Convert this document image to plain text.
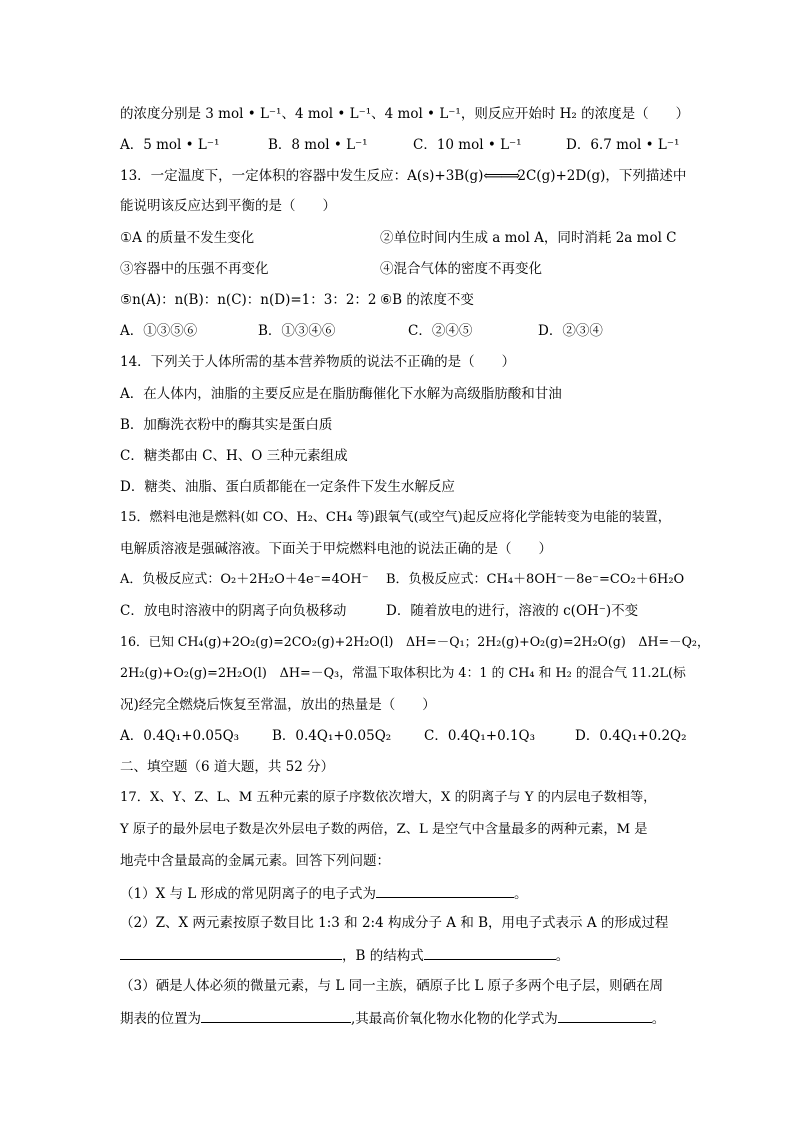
的浓度分别是 3 mol • L⁻¹、4 mol • L⁻¹、4 mol • L⁻¹，则反应开始时 H₂ 的浓度是（　　）
A．5 mol • L⁻¹	B．8 mol • L⁻¹	C．10 mol • L⁻¹	D．6.7 mol • L⁻¹
13．一定温度下，一定体积的容器中发生反应：A(s)+3B(g)⟸⟹2C(g)+2D(g)，下列描述中
能说明该反应达到平衡的是（　　）
①A 的质量不发生变化	②单位时间内生成 a mol A，同时消耗 2a mol C
③容器中的压强不再变化	④混合气体的密度不再变化
⑤n(A)：n(B)：n(C)：n(D)=1：3：2：2 ⑥B 的浓度不变
A．①③⑤⑥	B．①③④⑥	C．②④⑤	D．②③④
14．下列关于人体所需的基本营养物质的说法不正确的是（　　）
A．在人体内，油脂的主要反应是在脂肪酶催化下水解为高级脂肪酸和甘油
B．加酶洗衣粉中的酶其实是蛋白质
C．糖类都由 C、H、O 三种元素组成
D．糖类、油脂、蛋白质都能在一定条件下发生水解反应
15．燃料电池是燃料(如 CO、H₂、CH₄ 等)跟氧气(或空气)起反应将化学能转变为电能的装置，
电解质溶液是强碱溶液。下面关于甲烷燃料电池的说法正确的是（　　）
A．负极反应式：O₂＋2H₂O＋4e⁻=4OH⁻ B．负极反应式：CH₄＋8OH⁻－8e⁻=CO₂＋6H₂O
C．放电时溶液中的阴离子向负极移动	D．随着放电的进行，溶液的 c(OH⁻)不变
16．已知 CH₄(g)+2O₂(g)=2CO₂(g)+2H₂O(l)　ΔH=－Q₁；2H₂(g)+O₂(g)=2H₂O(g)　ΔH=－Q₂，
2H₂(g)+O₂(g)=2H₂O(l)　ΔH=－Q₃，常温下取体积比为 4：1 的 CH₄ 和 H₂ 的混合气 11.2L(标
况)经完全燃烧后恢复至常温，放出的热量是（　　）
A．0.4Q₁+0.05Q₃ B．0.4Q₁+0.05Q₂ C．0.4Q₁+0.1Q₃	D．0.4Q₁+0.2Q₂
二、填空题（6 道大题，共 52 分）
17．X、Y、Z、L、M 五种元素的原子序数依次增大，X 的阴离子与 Y 的内层电子数相等，
Y 原子的最外层电子数是次外层电子数的两倍，Z、L 是空气中含量最多的两种元素，M 是
地壳中含量最高的金属元素。回答下列问题：
（1）X 与 L 形成的常见阴离子的电子式为	。
（2）Z、X 两元素按原子数目比 1:3 和 2:4 构成分子 A 和 B，用电子式表示 A 的形成过程
，B 的结构式	。
（3）硒是人体必须的微量元素，与 L 同一主族，硒原子比 L 原子多两个电子层，则硒在周
期表的位置为	,其最高价氧化物水化物的化学式为	。
